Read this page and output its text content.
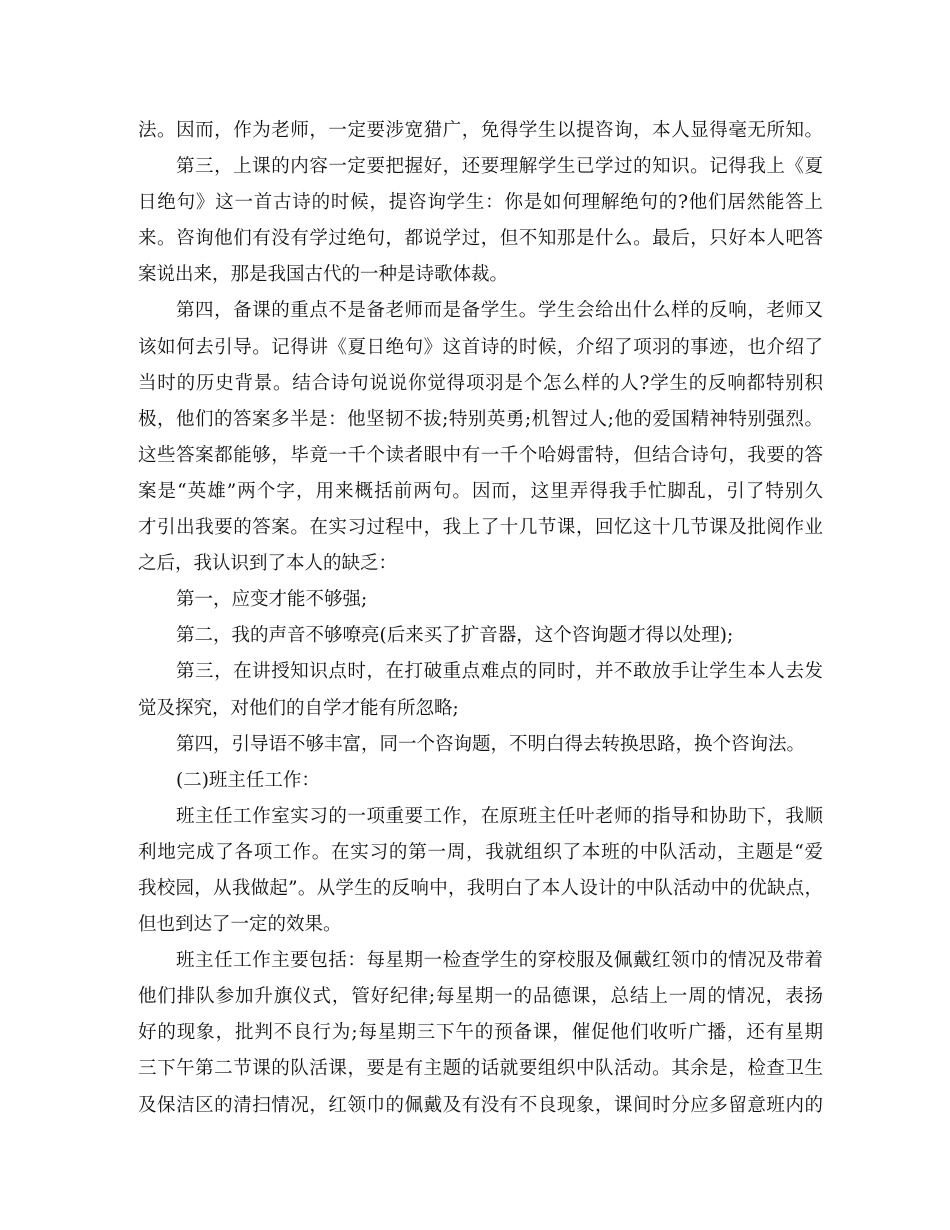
法。因而，作为老师，一定要涉宽猎广，免得学生以提咨询，本人显得毫无所知。
第三，上课的内容一定要把握好，还要理解学生已学过的知识。记得我上《夏
日绝句》这一首古诗的时候，提咨询学生：你是如何理解绝句的?他们居然能答上
来。咨询他们有没有学过绝句，都说学过，但不知那是什么。最后，只好本人吧答
案说出来，那是我国古代的一种是诗歌体裁。
第四，备课的重点不是备老师而是备学生。学生会给出什么样的反响，老师又
该如何去引导。记得讲《夏日绝句》这首诗的时候，介绍了项羽的事迹，也介绍了
当时的历史背景。结合诗句说说你觉得项羽是个怎么样的人?学生的反响都特别积
极，他们的答案多半是：他坚韧不拔;特别英勇;机智过人;他的爱国精神特别强烈。
这些答案都能够，毕竟一千个读者眼中有一千个哈姆雷特，但结合诗句，我要的答
案是“英雄”两个字，用来概括前两句。因而，这里弄得我手忙脚乱，引了特别久
才引出我要的答案。在实习过程中，我上了十几节课，回忆这十几节课及批阅作业
之后，我认识到了本人的缺乏：
第一，应变才能不够强;
第二，我的声音不够嘹亮(后来买了扩音器，这个咨询题才得以处理);
第三，在讲授知识点时，在打破重点难点的同时，并不敢放手让学生本人去发
觉及探究，对他们的自学才能有所忽略;
第四，引导语不够丰富，同一个咨询题，不明白得去转换思路，换个咨询法。
(二)班主任工作：
班主任工作室实习的一项重要工作，在原班主任叶老师的指导和协助下，我顺
利地完成了各项工作。在实习的第一周，我就组织了本班的中队活动，主题是“爱
我校园，从我做起”。从学生的反响中，我明白了本人设计的中队活动中的优缺点，
但也到达了一定的效果。
班主任工作主要包括：每星期一检查学生的穿校服及佩戴红领巾的情况及带着
他们排队参加升旗仪式，管好纪律;每星期一的品德课，总结上一周的情况，表扬
好的现象，批判不良行为;每星期三下午的预备课，催促他们收听广播，还有星期
三下午第二节课的队活课，要是有主题的话就要组织中队活动。其余是，检查卫生
及保洁区的清扫情况，红领巾的佩戴及有没有不良现象，课间时分应多留意班内的
